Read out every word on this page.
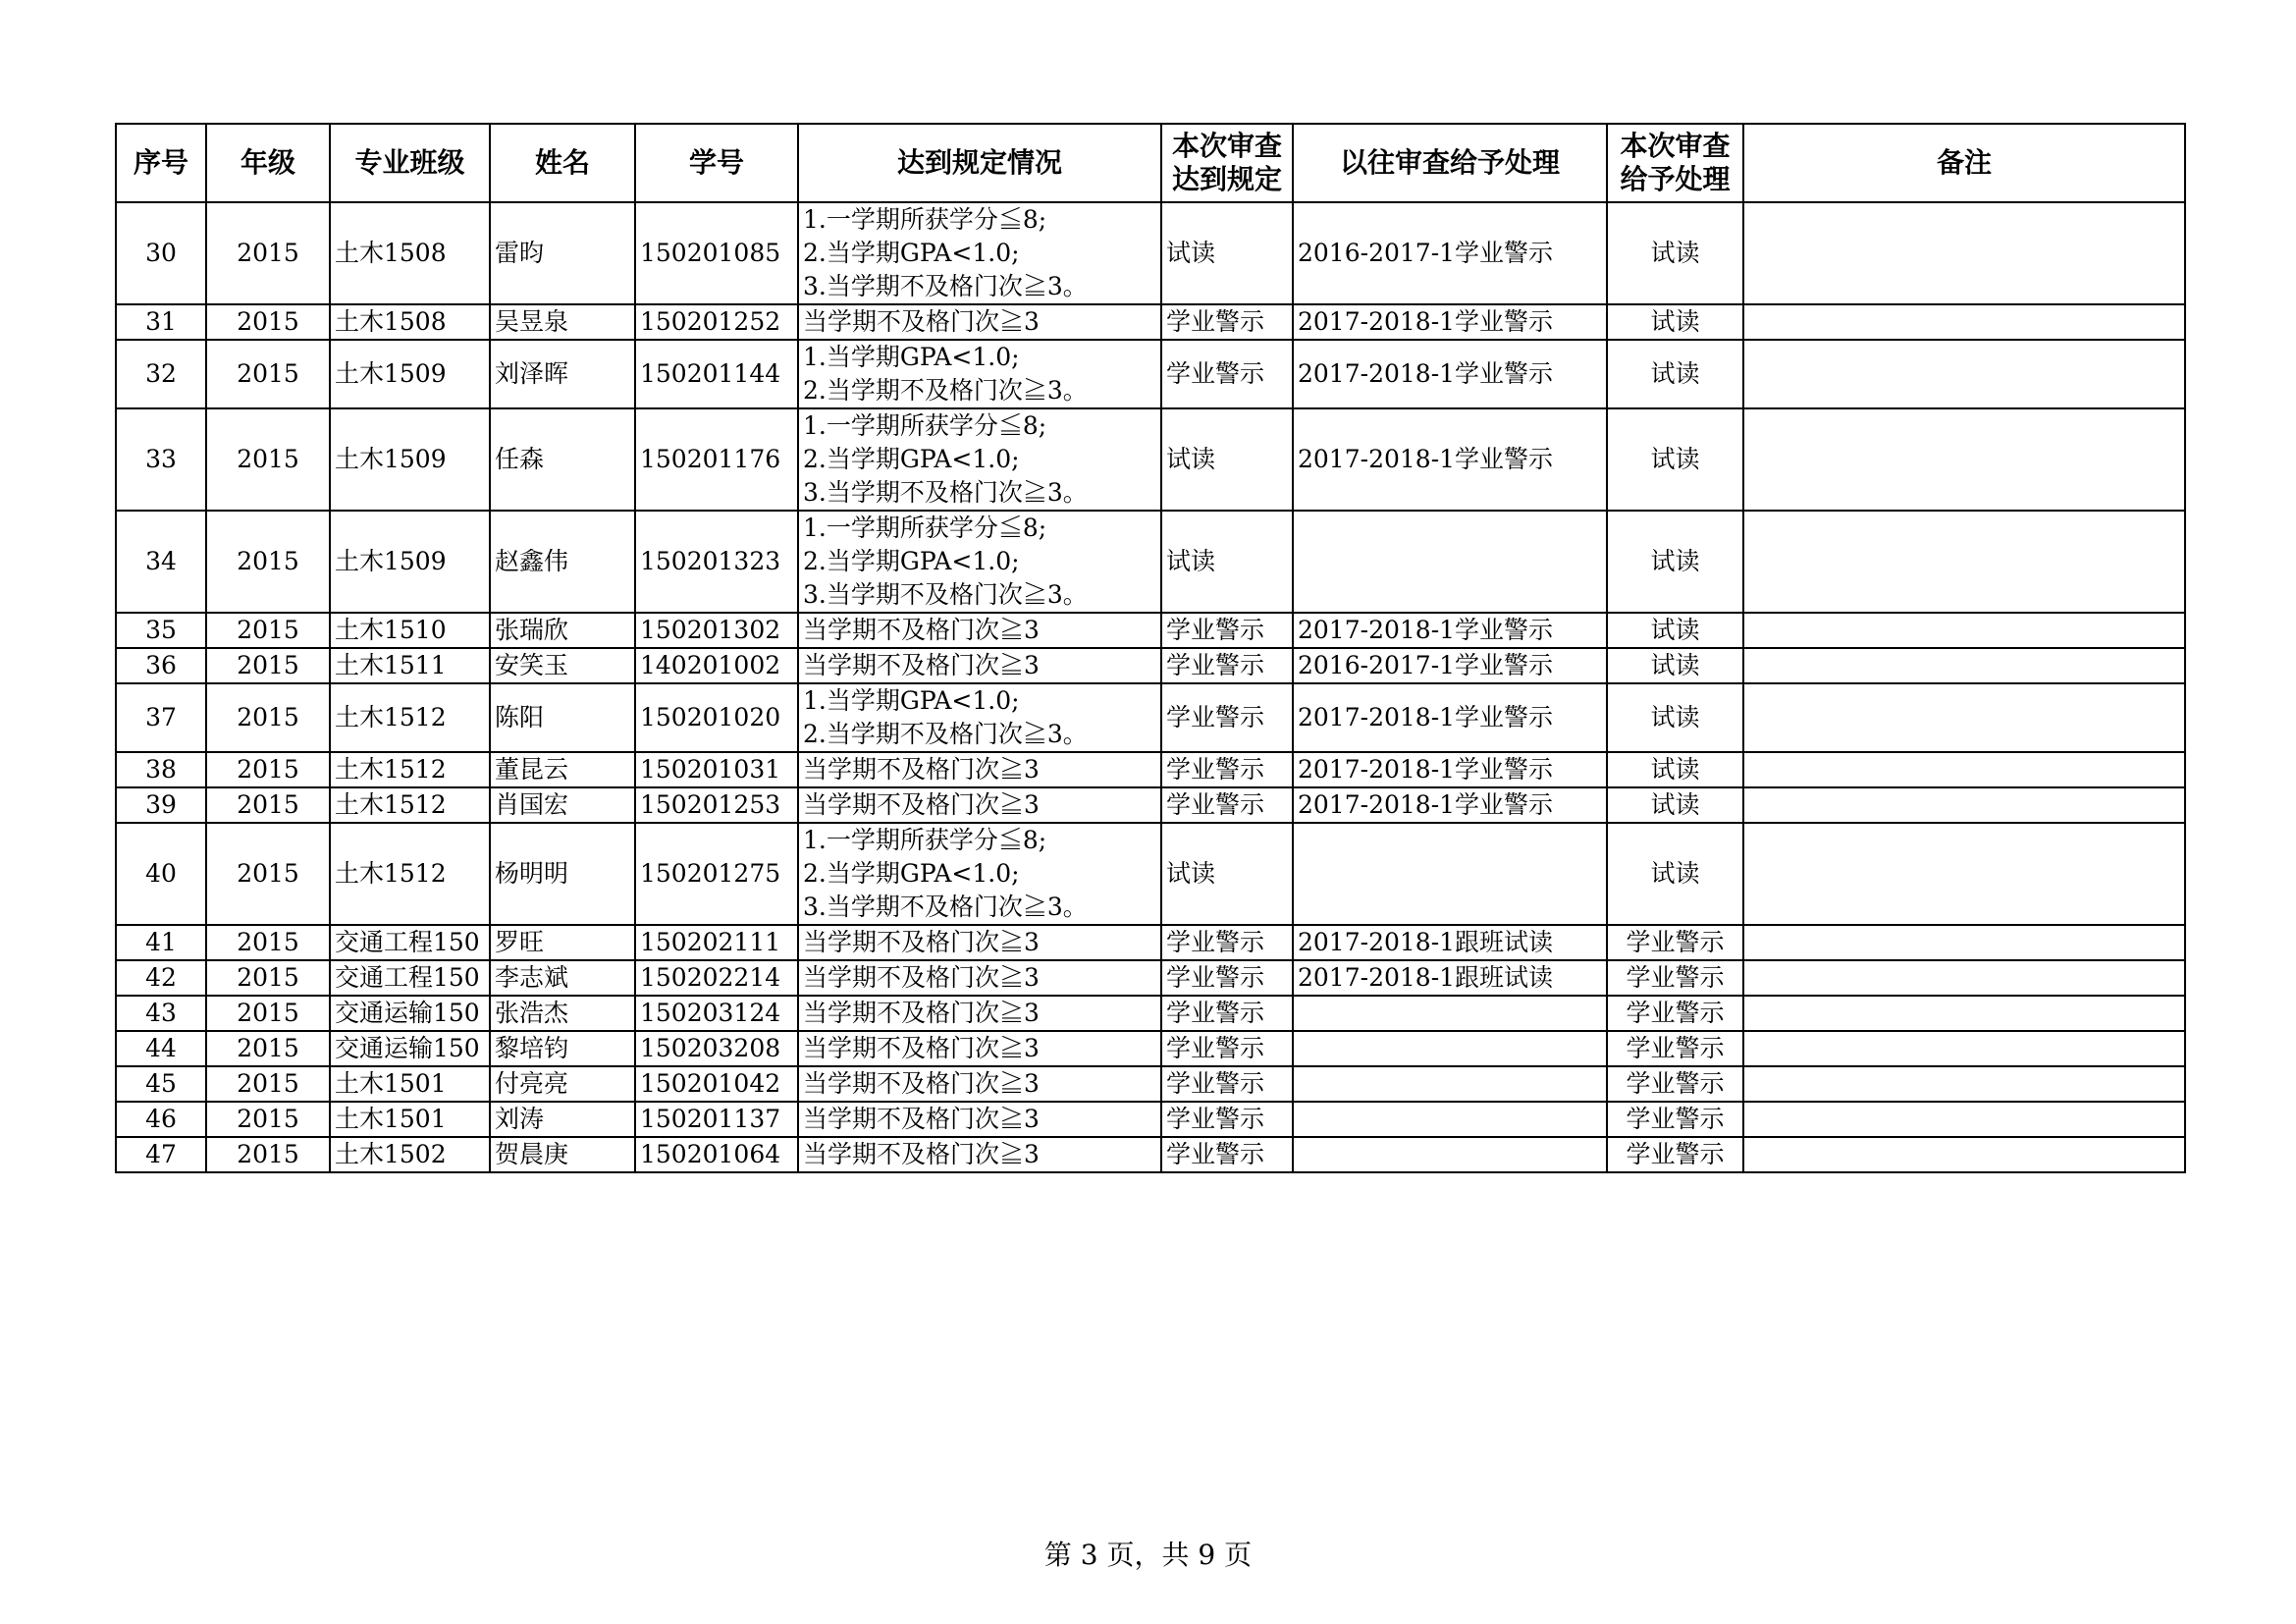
序号	年级	专业班级	姓名	学号	达到规定情况	本次审查达到规定	以往审查给予处理	本次审查给予处理	备注
30	2015	土木1508	雷昀	150201085	1.一学期所获学分≦8;
2.当学期GPA<1.0;
3.当学期不及格门次≧3。	试读	2016-2017-1学业警示	试读	
31	2015	土木1508	吴昱泉	150201252	当学期不及格门次≧3	学业警示	2017-2018-1学业警示	试读	
32	2015	土木1509	刘泽晖	150201144	1.当学期GPA<1.0;
2.当学期不及格门次≧3。	学业警示	2017-2018-1学业警示	试读	
33	2015	土木1509	任森	150201176	1.一学期所获学分≦8;
2.当学期GPA<1.0;
3.当学期不及格门次≧3。	试读	2017-2018-1学业警示	试读	
34	2015	土木1509	赵鑫伟	150201323	1.一学期所获学分≦8;
2.当学期GPA<1.0;
3.当学期不及格门次≧3。	试读		试读	
35	2015	土木1510	张瑞欣	150201302	当学期不及格门次≧3	学业警示	2017-2018-1学业警示	试读	
36	2015	土木1511	安笑玉	140201002	当学期不及格门次≧3	学业警示	2016-2017-1学业警示	试读	
37	2015	土木1512	陈阳	150201020	1.当学期GPA<1.0;
2.当学期不及格门次≧3。	学业警示	2017-2018-1学业警示	试读	
38	2015	土木1512	董昆云	150201031	当学期不及格门次≧3	学业警示	2017-2018-1学业警示	试读	
39	2015	土木1512	肖国宏	150201253	当学期不及格门次≧3	学业警示	2017-2018-1学业警示	试读	
40	2015	土木1512	杨明明	150201275	1.一学期所获学分≦8;
2.当学期GPA<1.0;
3.当学期不及格门次≧3。	试读		试读	
41	2015	交通工程150	罗旺	150202111	当学期不及格门次≧3	学业警示	2017-2018-1跟班试读	学业警示	
42	2015	交通工程150	李志斌	150202214	当学期不及格门次≧3	学业警示	2017-2018-1跟班试读	学业警示	
43	2015	交通运输150	张浩杰	150203124	当学期不及格门次≧3	学业警示		学业警示	
44	2015	交通运输150	黎培钧	150203208	当学期不及格门次≧3	学业警示		学业警示	
45	2015	土木1501	付亮亮	150201042	当学期不及格门次≧3	学业警示		学业警示	
46	2015	土木1501	刘涛	150201137	当学期不及格门次≧3	学业警示		学业警示	
47	2015	土木1502	贺晨庚	150201064	当学期不及格门次≧3	学业警示		学业警示	
第 3 页，共 9 页
